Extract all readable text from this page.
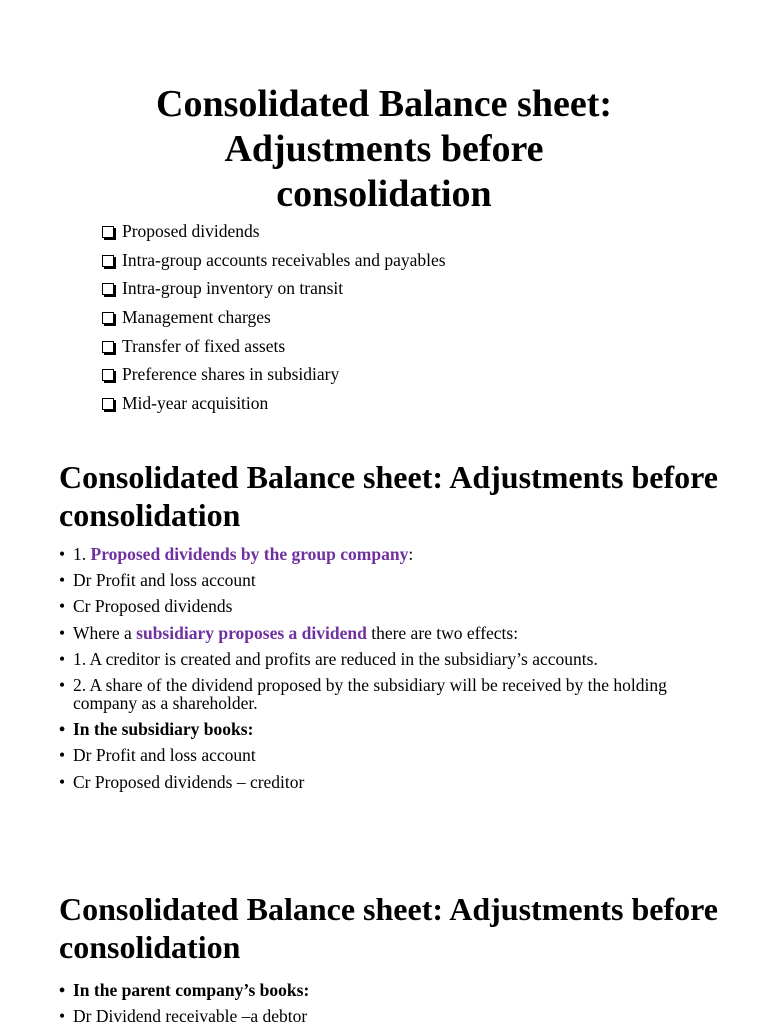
Consolidated Balance sheet:
Adjustments before
consolidation
Proposed dividends
Intra-group accounts receivables and payables
Intra-group inventory on transit
Management charges
Transfer of fixed assets
Preference shares in subsidiary
Mid-year acquisition
Consolidated Balance sheet: Adjustments before consolidation
• 1. Proposed dividends by the group company:
• Dr Profit and loss account
• Cr Proposed dividends
• Where a subsidiary proposes a dividend there are two effects:
• 1. A creditor is created and profits are reduced in the subsidiary’s accounts.
• 2. A share of the dividend proposed by the subsidiary will be received by the holding company as a shareholder.
• In the subsidiary books:
• Dr Profit and loss account
• Cr Proposed dividends – creditor
Consolidated Balance sheet: Adjustments before consolidation
• In the parent company’s books:
• Dr Dividend receivable –a debtor
